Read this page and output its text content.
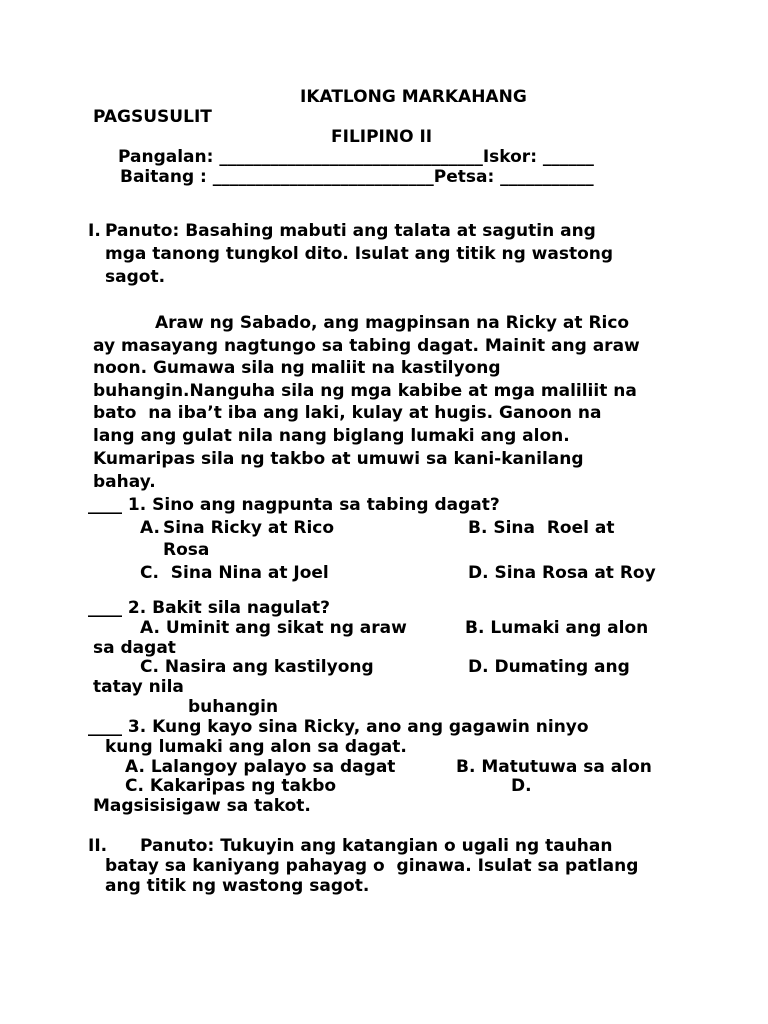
IKATLONG MARKAHANG
PAGSUSULIT
FILIPINO II
Pangalan: _______________________________Iskor: ______
Baitang : __________________________Petsa: ___________
I. Panuto: Basahing mabuti ang talata at sagutin ang
mga tanong tungkol dito. Isulat ang titik ng wastong
sagot.
Araw ng Sabado, ang magpinsan na Ricky at Rico
ay masayang nagtungo sa tabing dagat. Mainit ang araw
noon. Gumawa sila ng maliit na kastilyong
buhangin.Nanguha sila ng mga kabibe at mga maliliit na
bato  na iba’t iba ang laki, kulay at hugis. Ganoon na
lang ang gulat nila nang biglang lumaki ang alon.
Kumaripas sila ng takbo at umuwi sa kani-kanilang
bahay.
____ 1. Sino ang nagpunta sa tabing dagat?
A. Sina Ricky at Rico	B. Sina  Roel at
Rosa
C.  Sina Nina at Joel	D. Sina Rosa at Roy
____ 2. Bakit sila nagulat?
A. Uminit ang sikat ng araw	B. Lumaki ang alon
sa dagat
C. Nasira ang kastilyong	D. Dumating ang
tatay nila
buhangin
____ 3. Kung kayo sina Ricky, ano ang gagawin ninyo
kung lumaki ang alon sa dagat.
A. Lalangoy palayo sa dagat	B. Matutuwa sa alon
C. Kakaripas ng takbo	D.
Magsisisigaw sa takot.
II. Panuto: Tukuyin ang katangian o ugali ng tauhan
batay sa kaniyang pahayag o  ginawa. Isulat sa patlang
ang titik ng wastong sagot.
